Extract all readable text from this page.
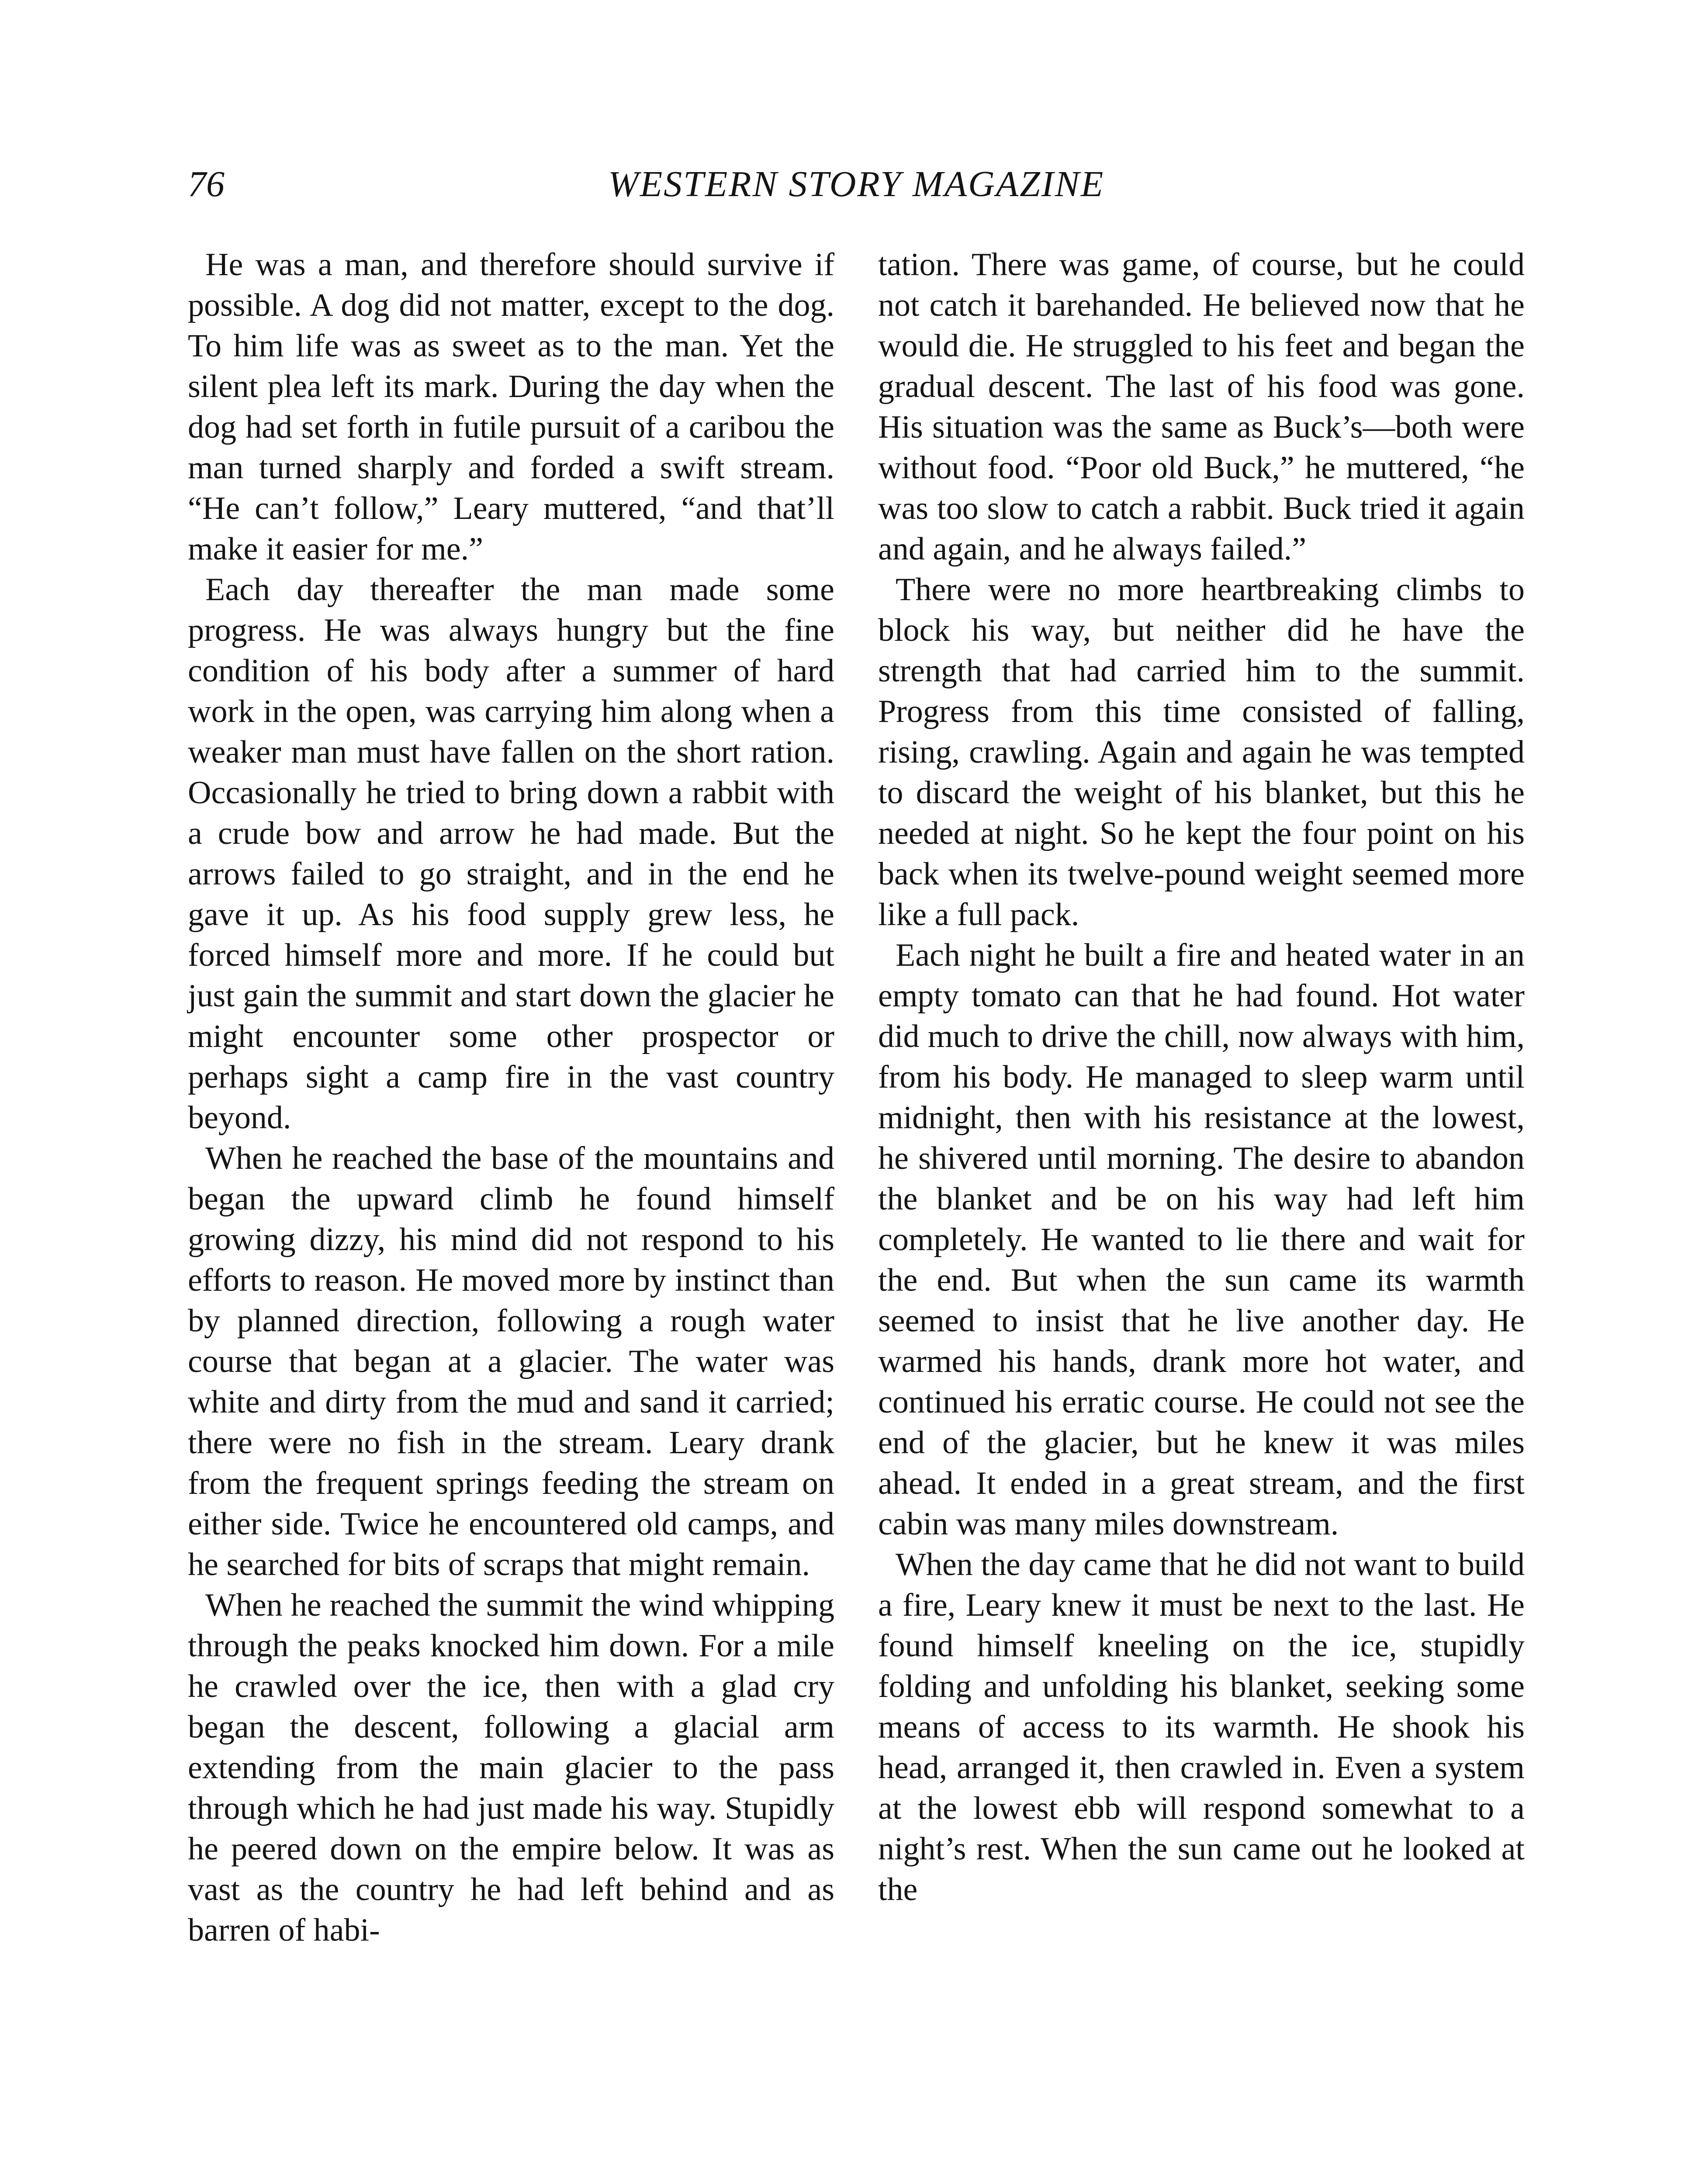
76	WESTERN STORY MAGAZINE

He was a man, and therefore should survive if possible. A dog did not matter, except to the dog. To him life was as sweet as to the man. Yet the silent plea left its mark. During the day when the dog had set forth in futile pursuit of a caribou the man turned sharply and forded a swift stream. “He can’t follow,” Leary muttered, “and that’ll make it easier for me.”

Each day thereafter the man made some progress. He was always hungry but the fine condition of his body after a summer of hard work in the open, was carrying him along when a weaker man must have fallen on the short ration. Occasionally he tried to bring down a rabbit with a crude bow and arrow he had made. But the arrows failed to go straight, and in the end he gave it up. As his food supply grew less, he forced himself more and more. If he could but just gain the summit and start down the glacier he might encounter some other prospector or perhaps sight a camp fire in the vast country beyond.

When he reached the base of the mountains and began the upward climb he found himself growing dizzy, his mind did not respond to his efforts to reason. He moved more by instinct than by planned direction, following a rough water course that began at a glacier. The water was white and dirty from the mud and sand it carried; there were no fish in the stream. Leary drank from the frequent springs feeding the stream on either side. Twice he encountered old camps, and he searched for bits of scraps that might remain.

When he reached the summit the wind whipping through the peaks knocked him down. For a mile he crawled over the ice, then with a glad cry began the descent, following a glacial arm extending from the main glacier to the pass through which he had just made his way. Stupidly he peered down on the empire below. It was as vast as the country he had left behind and as barren of habi-

tation. There was game, of course, but he could not catch it barehanded. He believed now that he would die. He struggled to his feet and began the gradual descent. The last of his food was gone. His situation was the same as Buck’s—both were without food. “Poor old Buck,” he muttered, “he was too slow to catch a rabbit. Buck tried it again and again, and he always failed.”

There were no more heartbreaking climbs to block his way, but neither did he have the strength that had carried him to the summit. Progress from this time consisted of falling, rising, crawling. Again and again he was tempted to discard the weight of his blanket, but this he needed at night. So he kept the four point on his back when its twelve-pound weight seemed more like a full pack.

Each night he built a fire and heated water in an empty tomato can that he had found. Hot water did much to drive the chill, now always with him, from his body. He managed to sleep warm until midnight, then with his resistance at the lowest, he shivered until morning. The desire to abandon the blanket and be on his way had left him completely. He wanted to lie there and wait for the end. But when the sun came its warmth seemed to insist that he live another day. He warmed his hands, drank more hot water, and continued his erratic course. He could not see the end of the glacier, but he knew it was miles ahead. It ended in a great stream, and the first cabin was many miles downstream.

When the day came that he did not want to build a fire, Leary knew it must be next to the last. He found himself kneeling on the ice, stupidly folding and unfolding his blanket, seeking some means of access to its warmth. He shook his head, arranged it, then crawled in. Even a system at the lowest ebb will respond somewhat to a night’s rest. When the sun came out he looked at the
